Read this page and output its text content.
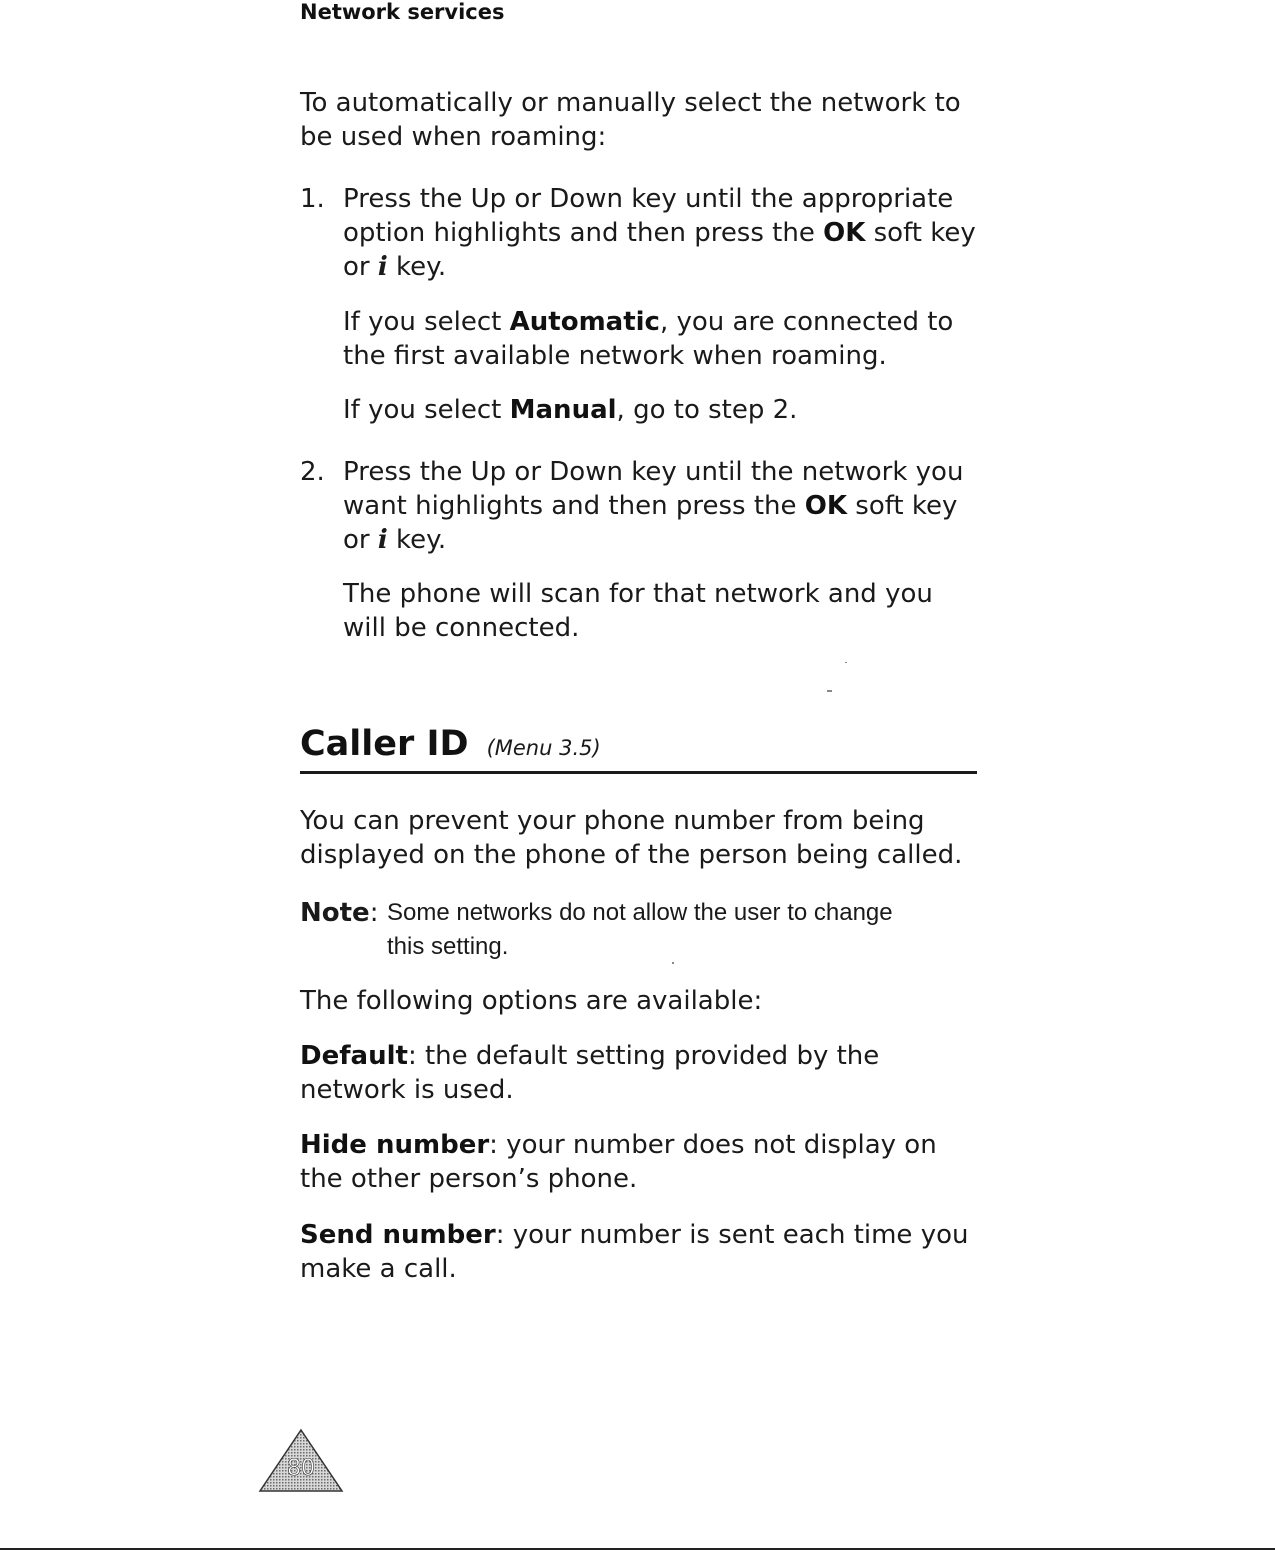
Network services

To automatically or manually select the network to
be used when roaming:

1. Press the Up or Down key until the appropriate
option highlights and then press the OK soft key
or i key.

If you select Automatic, you are connected to
the first available network when roaming.

If you select Manual, go to step 2.

2. Press the Up or Down key until the network you
want highlights and then press the OK soft key
or i key.

The phone will scan for that network and you
will be connected.

Caller ID (Menu 3.5)

You can prevent your phone number from being
displayed on the phone of the person being called.

Note: Some networks do not allow the user to change
this setting.

The following options are available:

Default: the default setting provided by the
network is used.

Hide number: your number does not display on
the other person’s phone.

Send number: your number is sent each time you
make a call.

80
